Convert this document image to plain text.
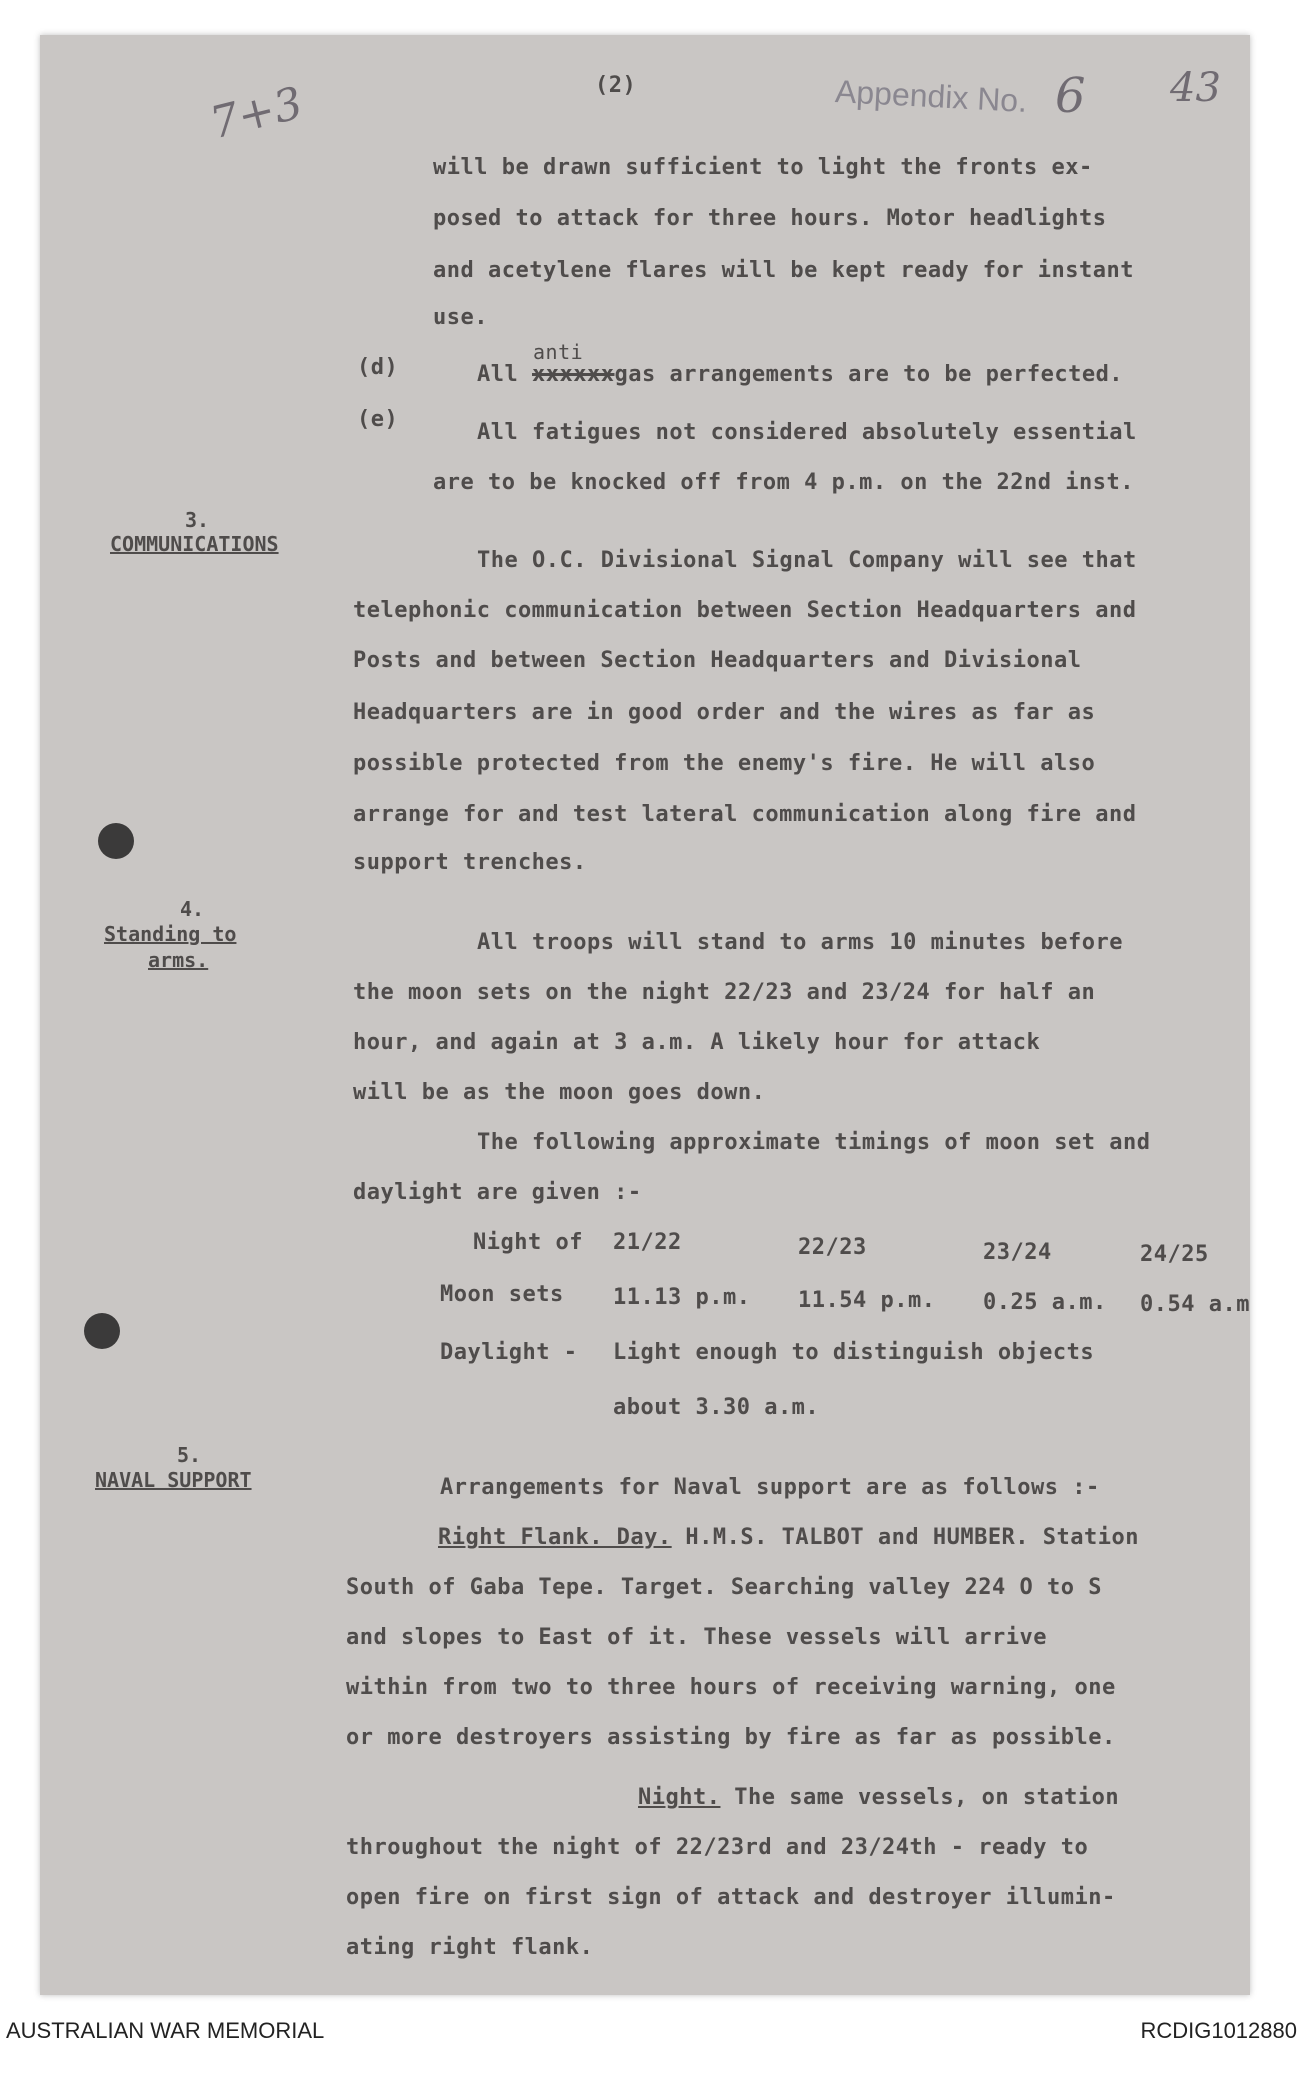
7+3	(2)	Appendix No. 6 43
will be drawn sufficient to light the fronts ex-
posed to attack for three hours. Motor headlights
and acetylene flares will be kept ready for instant
use.
(d)
anti
All xxxxxxgas arrangements are to be perfected.
(e)
All fatigues not considered absolutely essential
are to be knocked off from 4 p.m. on the 22nd inst.
3.
COMMUNICATIONS
The O.C. Divisional Signal Company will see that
telephonic communication between Section Headquarters and
Posts and between Section Headquarters and Divisional
Headquarters are in good order and the wires as far as
possible protected from the enemy's fire. He will also
arrange for and test lateral communication along fire and
support trenches.
4.
Standing to
arms.
All troops will stand to arms 10 minutes before
the moon sets on the night 22/23 and 23/24 for half an
hour, and again at 3 a.m. A likely hour for attack
will be as the moon goes down.
The following approximate timings of moon set and
daylight are given :-
Night of 21/22	22/23	23/24	24/25
Moon sets 11.13 p.m. 11.54 p.m. 0.25 a.m. 0.54 a.m
Daylight - Light enough to distinguish objects
about 3.30 a.m.
5.
NAVAL SUPPORT	Arrangements for Naval support are as follows :-
Right Flank. Day. H.M.S. TALBOT and HUMBER. Station
South of Gaba Tepe. Target. Searching valley 224 O to S
and slopes to East of it. These vessels will arrive
within from two to three hours of receiving warning, one
or more destroyers assisting by fire as far as possible.
Night. The same vessels, on station
throughout the night of 22/23rd and 23/24th - ready to
open fire on first sign of attack and destroyer illumin-
ating right flank.
AUSTRALIAN WAR MEMORIAL	RCDIG1012880
